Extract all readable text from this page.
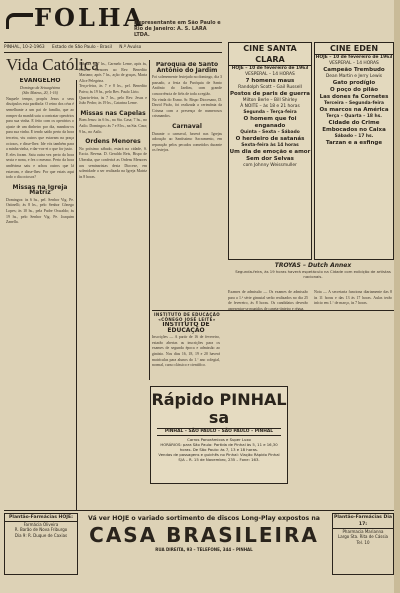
FOLHA
Representante em São Paulo e Rio de Janeiro: A. S. LARA LTDA.
PINHAL, 10-2-1963 Estado de São Paulo - Brasil N.º Avulso
Vida Católica
EVANGELHO
Domingo da Setuagésima
(São Mateus, 20, 1-16)
Naquele tempo, propôs Jesus a seus discípulos esta parábola: O reino dos céus é semelhante a um pai de família, que ao romper da manhã saiu a contratar operários para sua vinha. E feito com os operários o ajuste de um dinheiro por dia, mandou-os para sua vinha. E tendo saído perto da hora terceira, viu outros que estavam na praça ociosos, e disse-lhes: Ide vós também para a minha vinha, e dar-vos-ei o que for justo.
E eles foram. Saiu outra vez perto da hora sexta e nona, e fez o mesmo. Perto da hora undécima saiu e achou outros que lá estavam, e disse-lhes: Por que estais aqui todo o dia ociosos?
Missas na Igreja Matriz
Domingos: às 6 hs., pel. Senhor Vig. Pe. Ostinelli; às 8 hs., pelo Senhor Cônego Lopes; às 10 hs., pela Padre Oswaldo; às 19 hs., pelo Senhor Vig. Pe. Joaquim Zanella.
Sábado, às 7 hs., Carmelo Leme, após às, Ordem Menores ao Rev. Benedito Mariano; após 7 hs., ação de graças, Maria Alice Pelegrina.
Terça-feira, às 7 e 8 hs., pel. Benedito Paiva; às 19 hs., pelo Rev. Paulo Lírio.
Quarta-feira, às 7 hs., pelo Rev. Jesus e João Pedro; às 19 hs., Catarina Leme.
Missas nas Capelas
Bom Jesus: às 6 hs., na Sta. Casa; 7 hs., no Asilo. Domingos: às 7 e 8 hs., na Sta. Casa; 9 hs., no Asilo.
Ordens Menores
No próximo sábado, estará na cidade, S. Excia. Revma. D. Geraldo Reis, Bispo de Uberaba, que conferirá as Ordens Menores aos seminaristas desta Diocese, em solenidade a ser realizada na Igreja Matriz às 8 horas.
Paróquia de Santo Antônio do Jardim
Foi solenemente festejado no domingo, dia 3 passado, a festa da Paróquia de Santo Antônio do Jardim, com grande concorrência de fiéis de toda a região.
Na vinda do Exmo. Sr. Bispo Diocesano, D. David Picão, foi realizada a cerimônia da Crisma com a presença de numerosos crismandos.
Carnaval
Durante o carnaval, haverá nas Igrejas adoração ao Santíssimo Sacramento, em reparação pelos pecados cometidos durante os festejos.
CINE SANTA CLARA
HOJE – 10 de fevereiro de 1963
VESPERAL – 14 HORAS
7 homens maus
Randolph Scott – Gail Russell
Postos de paris de guerra
Milton Berle – Bill Shirley
À NOITE – às 18 e 21 horas
Segunda – Terça-feira
O homem que foi enganado
Quinta – Sexta – Sábado
O herdeiro de satanás
Sexta-feira às 14 horas
Um dia de emoção e amor
Sem dor Selvas
com Johnny Weissmuller
CINE EDEN
HOJE – 10 de fevereiro de 1963
VESPERAL – 14 HORAS
Campeão Trembudo
Dean Martin e Jerry Lewis
Gato prodígio
O poço do pilão
Las dones fa Cornetes
Terceira – Segunda-feira
Os marcos na América
Terça – Quarta – 18 hs.
Cidade do Crime
Embocados no Caixa
Sábado – 17 hs.
Tarzan e a esfinge
TROYAS – Dutch Annex
Segunda-feira, às 19 horas haverá espetáculo na Cidade com exibição de artistas nacionais.
INSTITUTO DE EDUCAÇÃO «CÔNEGO JOSÉ LEITE»
INSTITUTO DE EDUCAÇÃO
Inscrições — A partir de 16 de fevereiro, estarão abertas as inscrições para os exames de segunda época e admissão ao ginásio. Nos dias 16, 18, 19 e 20 haverá matrículas para alunos do 1.º ano colegial, normal, curso clássico e científico.
Exames de admissão — Os exames de admissão para a 1.ª série ginasial serão realizados no dia 25 de fevereiro, às 8 horas. Os candidatos deverão apresentar-se munidos de caneta-tinteiro e régua.
Nota — A secretaria funciona diariamente das 8 às 11 horas e das 13 às 17 horas. Aulas terão início em 1.º de março, às 7 horas.
Rápido PINHAL sa
PINHAL – SÃO PAULO – SÃO PAULO – PINHAL
Carros Panorâmicos e Super Luxo
HORÁRIOS: para São Paulo: Partida de Pinhal às 5, 11 e 16,30 horas. De São Paulo: às 7, 13 e 18 horas.
Vendas de passagens e guichês no Pinhal: Viação Rápido Pinhal S/A – R. 15 de Novembro, 235 – Fone: 163.
Plantão-Farmácias HOJE:
Farmácia Oliveira
R. Barão de Nova Friburgo
Dia 9: R. Duque de Caxias
Vá ver HOJE o variado sortimento de discos Long-Play expostos na
CASA BRASILEIRA
RUA DIREITA, 93 – TELEFONE, 344 – PINHAL
Plantão-Farmácias Dia 17:
Pharmacia Marianna
Largo Sta. Rita de Cássia
Tel. 10
